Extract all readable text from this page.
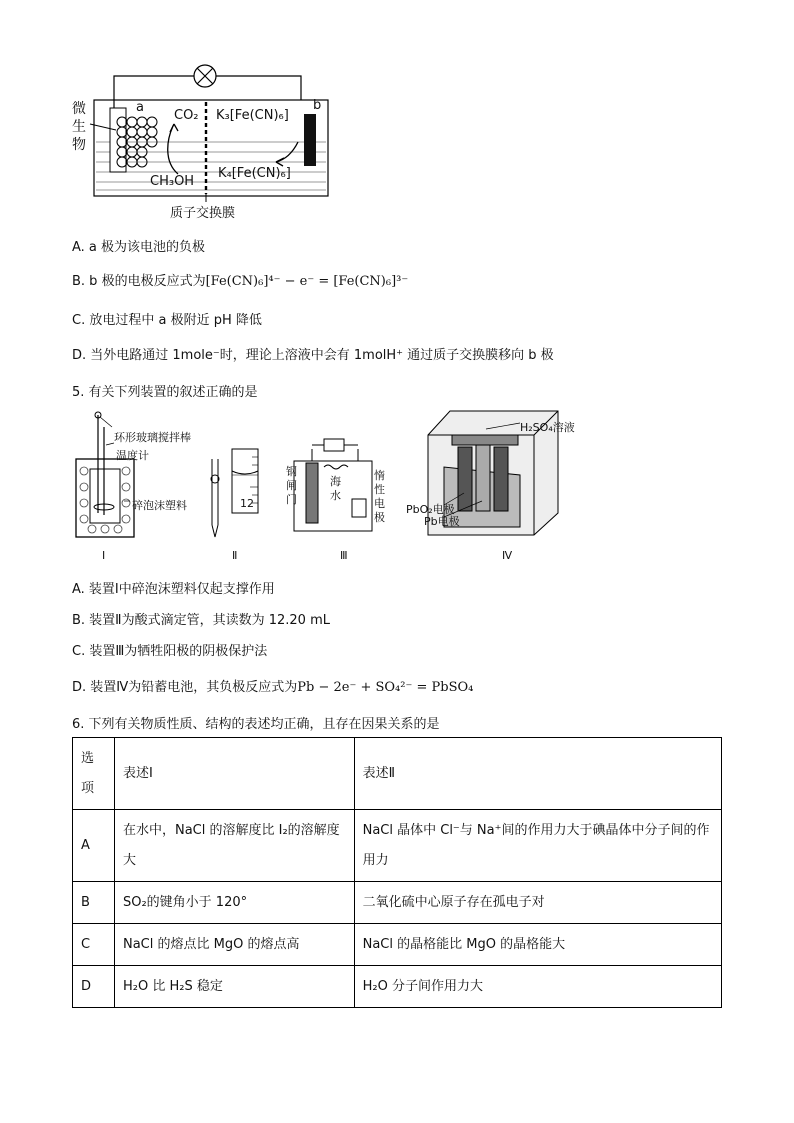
微生物
a	b
CO₂
CH₃OH
K₃[Fe(CN)₆]
K₄[Fe(CN)₆]
质子交换膜
A. a 极为该电池的负极
B. b 极的电极反应式为[Fe(CN)₆]⁴⁻ − e⁻ = [Fe(CN)₆]³⁻
C. 放电过程中 a 极附近 pH 降低
D. 当外电路通过 1mole⁻时，理论上溶液中会有 1molH⁺ 通过质子交换膜移向 b 极
5. 有关下列装置的叙述正确的是
环形玻璃搅拌棒
温度计
碎泡沫塑料	12
钢闸门
海水
惰性电极
H₂SO₄溶液
PbO₂电极
Pb电极
Ⅰ	Ⅱ	Ⅲ	Ⅳ
A. 装置Ⅰ中碎泡沫塑料仅起支撑作用
B. 装置Ⅱ为酸式滴定管，其读数为 12.20 mL
C. 装置Ⅲ为牺牲阳极的阴极保护法
D. 装置Ⅳ为铅蓄电池，其负极反应式为Pb − 2e⁻ + SO₄²⁻ = PbSO₄
6. 下列有关物质性质、结构的表述均正确，且存在因果关系的是
选项	表述Ⅰ	表述Ⅱ
A	在水中，NaCl 的溶解度比 I₂的溶解度大	NaCl 晶体中 Cl⁻与 Na⁺间的作用力大于碘晶体中分子间的作用力
B	SO₂的键角小于 120°	二氧化硫中心原子存在孤电子对
C	NaCl 的熔点比 MgO 的熔点高	NaCl 的晶格能比 MgO 的晶格能大
D	H₂O 比 H₂S 稳定	H₂O 分子间作用力大
